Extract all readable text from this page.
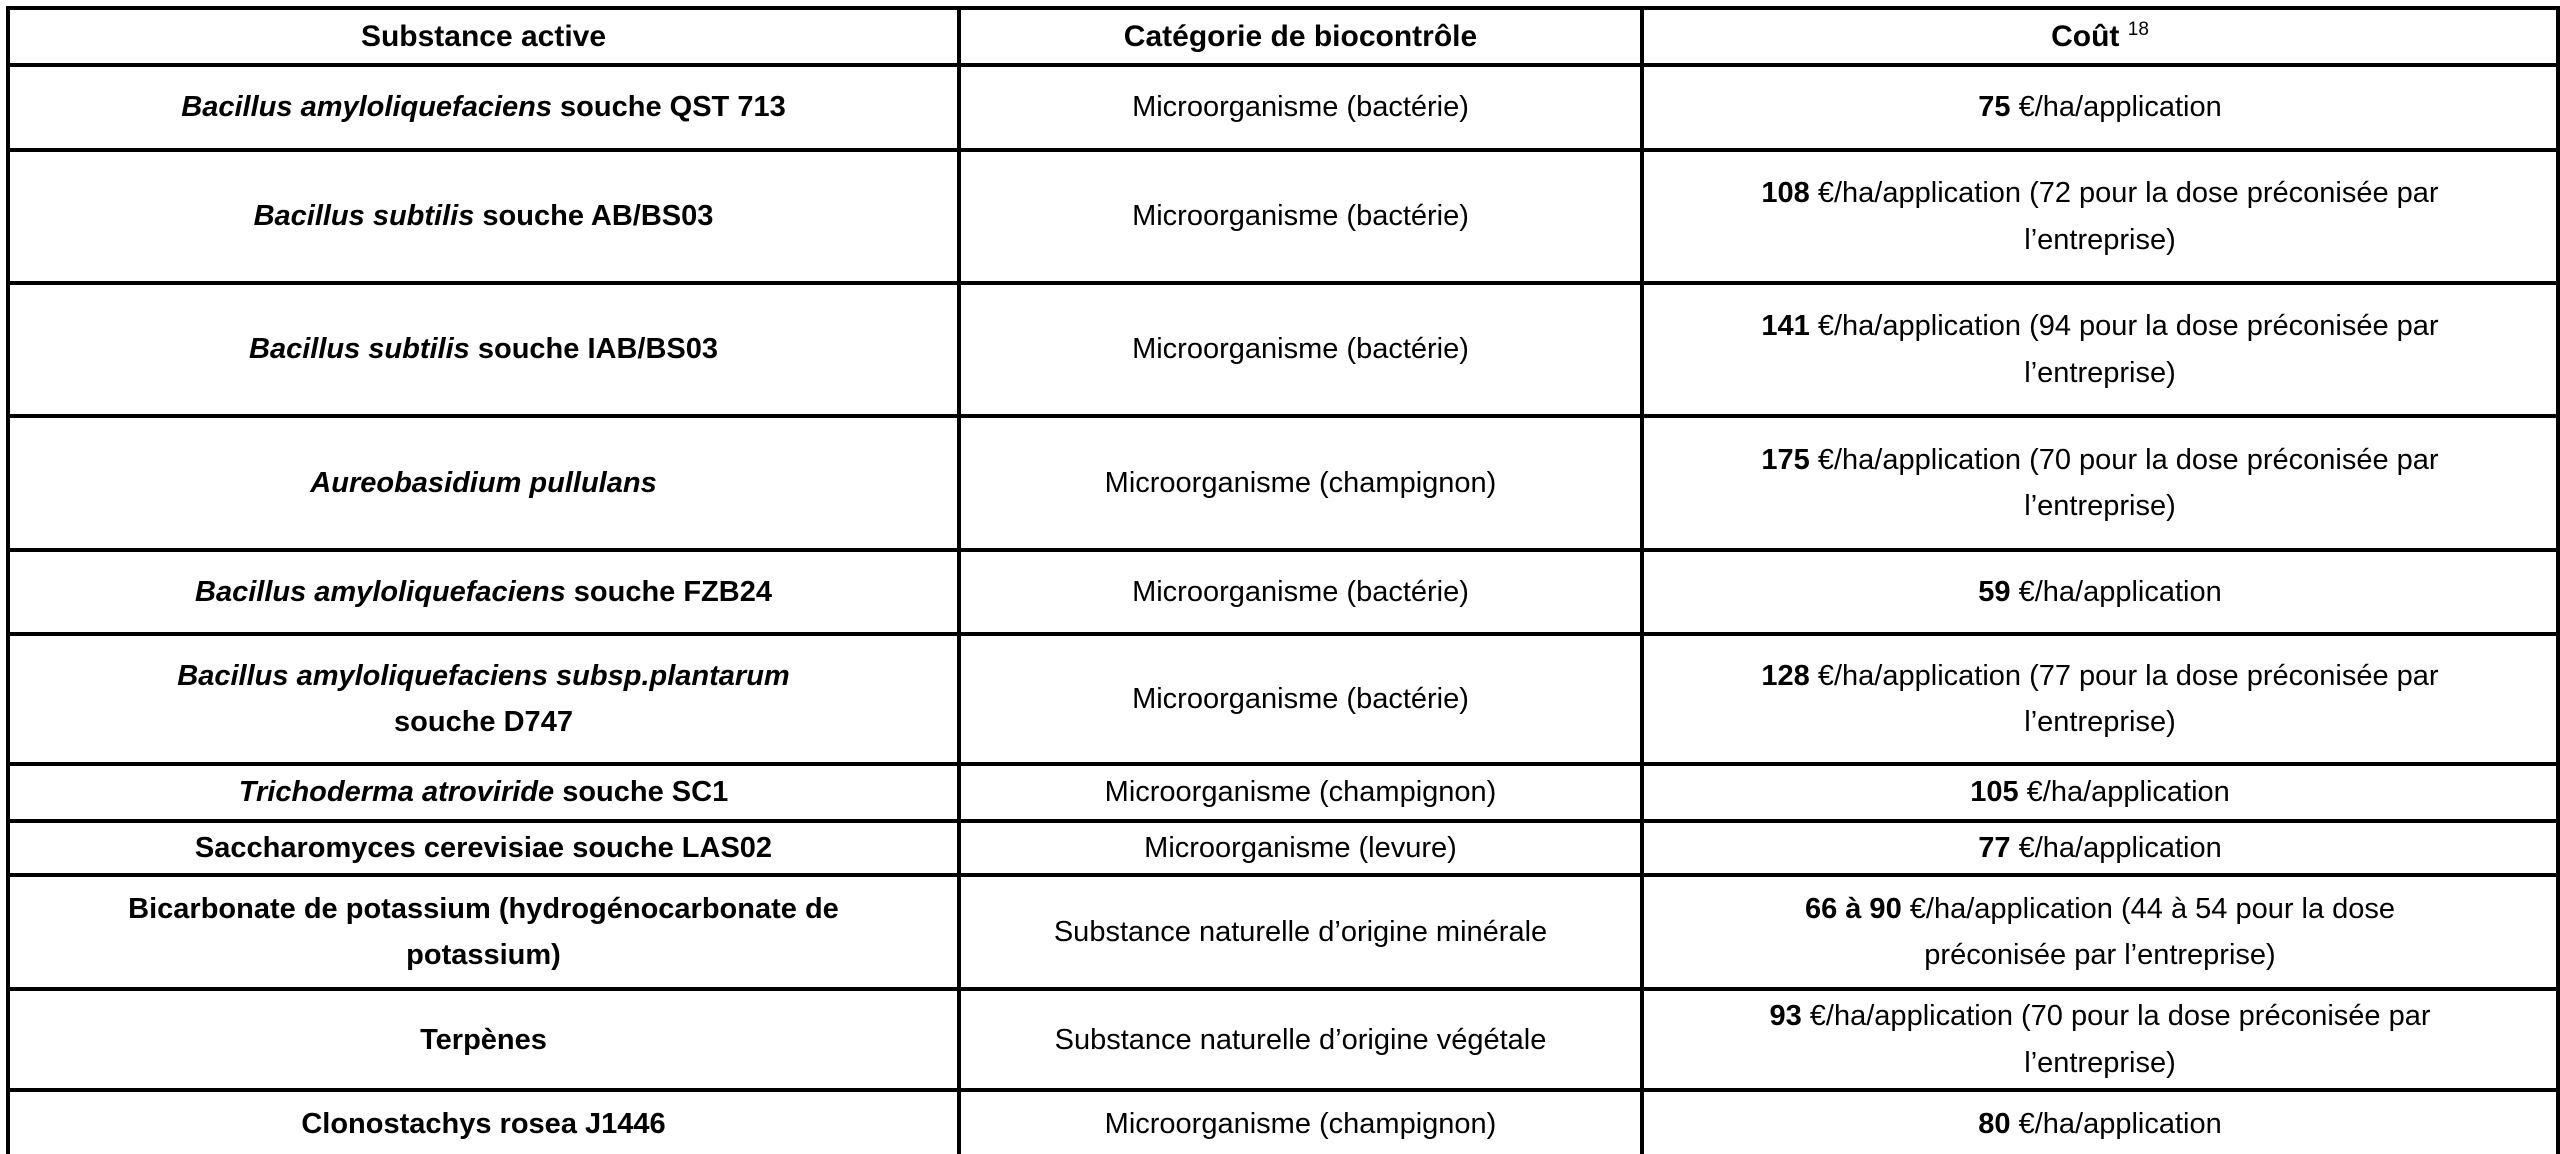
Substance active	Catégorie de biocontrôle	Coût $^{18}$
Bacillus amyloliquefaciens souche QST 713	Microorganisme (bactérie)	75 €/ha/application
Bacillus subtilis souche AB/BS03	Microorganisme (bactérie)	108 €/ha/application (72 pour la dose préconisée par
l’entreprise)
Bacillus subtilis souche IAB/BS03	Microorganisme (bactérie)	141 €/ha/application (94 pour la dose préconisée par
l’entreprise)
Aureobasidium pullulans	Microorganisme (champignon)	175 €/ha/application (70 pour la dose préconisée par
l’entreprise)
Bacillus amyloliquefaciens souche FZB24	Microorganisme (bactérie)	59 €/ha/application
Bacillus amyloliquefaciens subsp.plantarum
souche D747	Microorganisme (bactérie)	128 €/ha/application (77 pour la dose préconisée par
l’entreprise)
Trichoderma atroviride souche SC1	Microorganisme (champignon)	105 €/ha/application
Saccharomyces cerevisiae souche LAS02	Microorganisme (levure)	77 €/ha/application
Bicarbonate de potassium (hydrogénocarbonate de
potassium)	Substance naturelle d’origine minérale	66 à 90 €/ha/application (44 à 54 pour la dose
préconisée par l’entreprise)
Terpènes	Substance naturelle d’origine végétale	93 €/ha/application (70 pour la dose préconisée par
l’entreprise)
Clonostachys rosea J1446	Microorganisme (champignon)	80 €/ha/application
